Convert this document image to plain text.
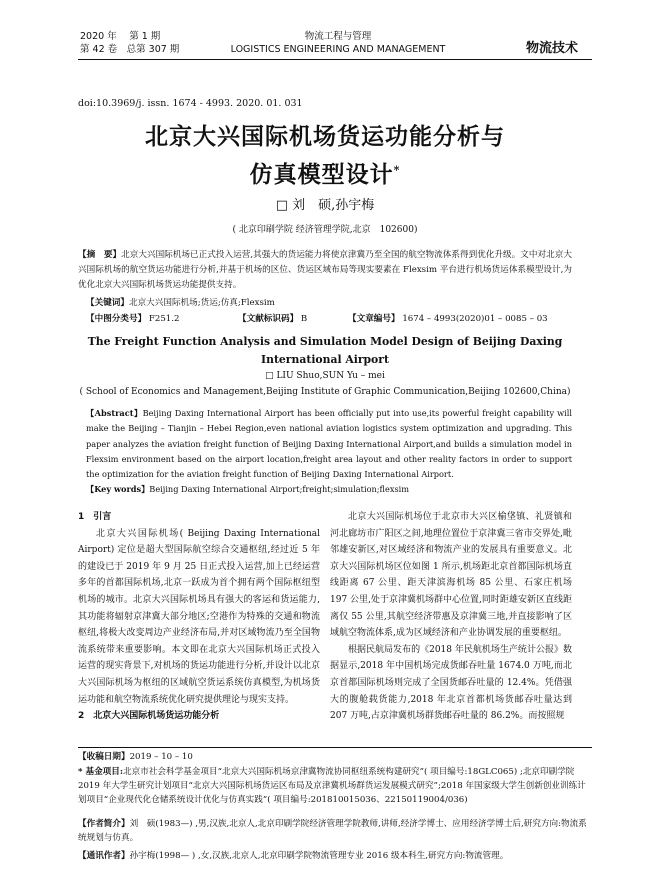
2020 年　 第 1 期
第 42 卷　总第 307 期
物流工程与管理
LOGISTICS ENGINEERING AND MANAGEMENT	物流技术
doi:10.3969/j. issn. 1674 - 4993. 2020. 01. 031
北京大兴国际机场货运功能分析与
仿真模型设计*
□ 刘　硕,孙宇梅
( 北京印刷学院 经济管理学院,北京　102600)
【摘　要】北京大兴国际机场已正式投入运营,其强大的货运能力将使京津冀乃至全国的航空物流体系得到优化升级。文中对北京大兴国际机场的航空货运功能进行分析,并基于机场的区位、货运区域布局等现实要素在 Flexsim 平台进行机场货运体系模型设计,为优化北京大兴国际机场货运功能提供支持。
【关键词】北京大兴国际机场;货运;仿真;Flexsim
【中图分类号】 F251.2	【文献标识码】 B	【文章编号】 1674 – 4993(2020)01 – 0085 – 03
The Freight Function Analysis and Simulation Model Design of Beijing Daxing
International Airport
□ LIU Shuo,SUN Yu – mei
( School of Economics and Management,Beijing Institute of Graphic Communication,Beijing 102600,China)
【Abstract】Beijing Daxing International Airport has been officially put into use,its powerful freight capability will make the Beijing – Tianjin – Hebei Region,even national aviation logistics system optimization and upgrading. This paper analyzes the aviation freight function of Beijing Daxing International Airport,and builds a simulation model in Flexsim environment based on the airport location,freight area layout and other reality factors in order to support the optimization for the aviation freight function of Beijing Daxing International Airport.
【Key words】Beijing Daxing International Airport;freight;simulation;flexsim

1　引言

北京大兴国际机场( Beijing Daxing International Airport) 定位是超大型国际航空综合交通枢纽,经过近 5 年的建设已于 2019 年 9 月 25 日正式投入运营,加上已经运营多年的首都国际机场,北京一跃成为首个拥有两个国际枢纽型机场的城市。北京大兴国际机场具有强大的客运和货运能力,其功能将辐射京津冀大部分地区;空港作为特殊的交通和物流枢纽,将极大改变周边产业经济布局,并对区域物流乃至全国物流系统带来重要影响。本文即在北京大兴国际机场正式投入运营的现实背景下,对机场的货运功能进行分析,并设计以北京大兴国际机场为枢纽的区域航空货运系统仿真模型,为机场货运功能和航空物流系统优化研究提供理论与现实支持。

2　北京大兴国际机场货运功能分析

北京大兴国际机场位于北京市大兴区榆垡镇、礼贤镇和河北廊坊市广阳区之间,地理位置位于京津冀三省市交界处,毗邻雄安新区,对区域经济和物流产业的发展具有重要意义。北京大兴国际机场区位如图 1 所示,机场距北京首都国际机场直线距离 67 公里、距天津滨海机场 85 公里、石家庄机场 197 公里,处于京津冀机场群中心位置,同时距雄安新区直线距离仅 55 公里,其航空经济带惠及京津冀三地,并直接影响了区域航空物流体系,成为区域经济和产业协调发展的重要枢纽。

根据民航局发布的《2018 年民航机场生产统计公报》数据显示,2018 年中国机场完成货邮吞吐量 1674.0 万吨,而北京首都国际机场则完成了全国货邮吞吐量的 12.4%。凭借强大的腹舱载货能力,2018 年北京首都机场货邮吞吐量达到 207 万吨,占京津冀机场群货邮吞吐量的 86.2%。而按照规

【收稿日期】2019 – 10 – 10
* 基金项目:北京市社会科学基金项目“北京大兴国际机场京津冀物流协同枢纽系统构建研究”( 项目编号:18GLC065) ;北京印刷学院 2019 年大学生研究计划项目“北京大兴国际机场货运区布局及京津冀机场群货运发展模式研究”;2018 年国家级大学生创新创业训练计划项目“企业现代化仓储系统设计优化与仿真实践”( 项目编号:201810015036、22150119004/036)
【作者简介】刘　硕(1983—) ,男,汉族,北京人,北京印刷学院经济管理学院教师,讲师,经济学博士、应用经济学博士后,研究方向:物流系统规划与仿真。
【通讯作者】孙宇梅(1998— ) ,女,汉族,北京人,北京印刷学院物流管理专业 2016 级本科生,研究方向:物流管理。
